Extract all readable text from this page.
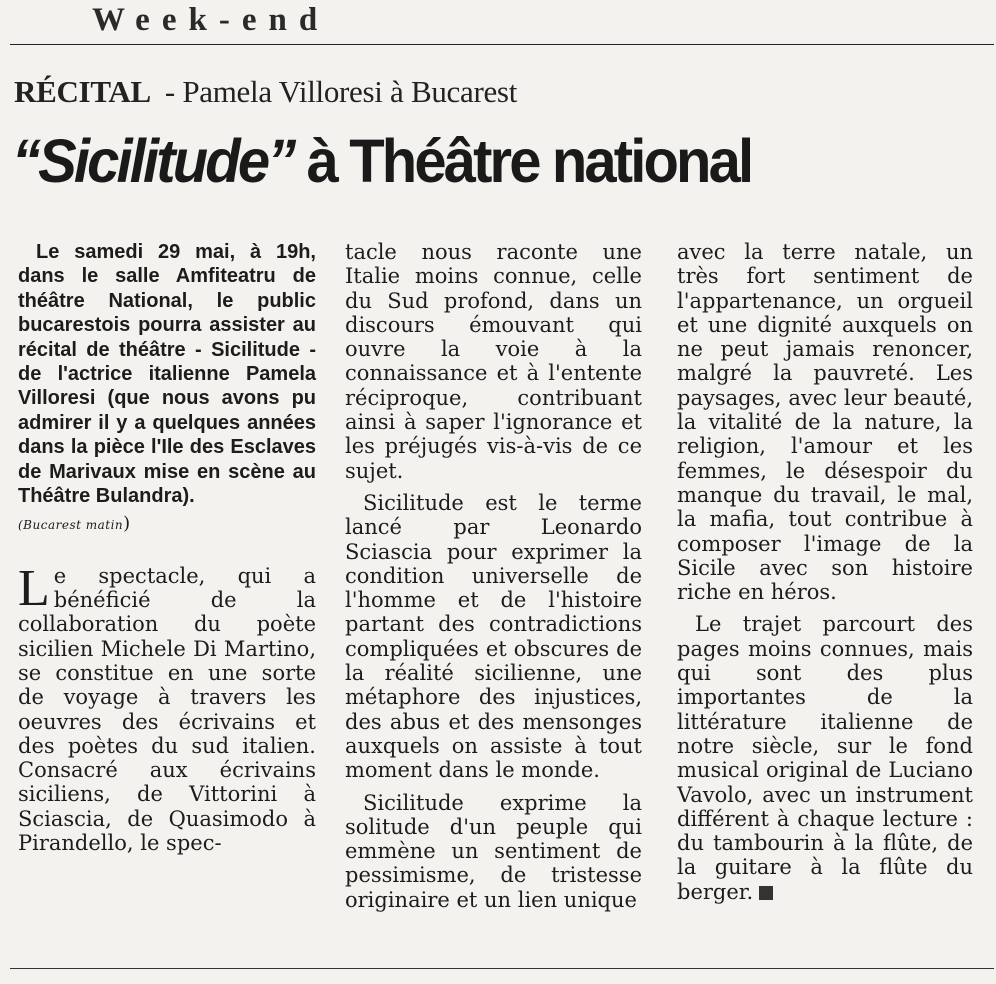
Week-end
RÉCITAL - Pamela Villoresi à Bucarest
“Sicilitude” à Théâtre national

Le samedi 29 mai, à 19h, dans le salle Amfiteatru de théâtre National, le public bucarestois pourra assister au récital de théâtre - Sicilitude - de l'actrice italienne Pamela Villoresi (que nous avons pu admirer il y a quelques années dans la pièce l'Ile des Esclaves de Marivaux mise en scène au Théâtre Bulandra).

(Bucarest matin)

Le spectacle, qui a bénéficié de la collaboration du poète sicilien Michele Di Martino, se constitue en une sorte de voyage à travers les oeuvres des écrivains et des poètes du sud italien. Consacré aux écrivains siciliens, de Vittorini à Sciascia, de Quasimodo à Pirandello, le spec-

tacle nous raconte une Italie moins connue, celle du Sud profond, dans un discours émouvant qui ouvre la voie à la connaissance et à l'entente réciproque, contribuant ainsi à saper l'ignorance et les préjugés vis-à-vis de ce sujet.

Sicilitude est le terme lancé par Leonardo Sciascia pour exprimer la condition universelle de l'homme et de l'histoire partant des contradictions compliquées et obscures de la réalité sicilienne, une métaphore des injustices, des abus et des mensonges auxquels on assiste à tout moment dans le monde.

Sicilitude exprime la solitude d'un peuple qui emmène un sentiment de pessimisme, de tristesse originaire et un lien unique

avec la terre natale, un très fort sentiment de l'appartenance, un orgueil et une dignité auxquels on ne peut jamais renoncer, malgré la pauvreté. Les paysages, avec leur beauté, la vitalité de la nature, la religion, l'amour et les femmes, le désespoir du manque du travail, le mal, la mafia, tout contribue à composer l'image de la Sicile avec son histoire riche en héros.

Le trajet parcourt des pages moins connues, mais qui sont des plus importantes de la littérature italienne de notre siècle, sur le fond musical original de Luciano Vavolo, avec un instrument différent à chaque lecture : du tambourin à la flûte, de la guitare à la flûte du berger.
